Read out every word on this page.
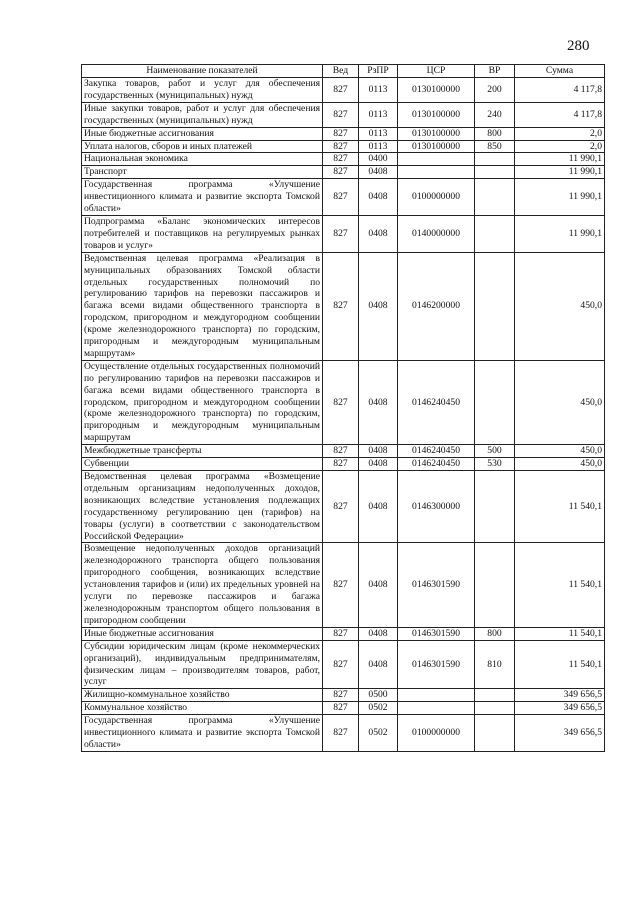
280
Наименование показателей	Вед	РзПР	ЦСР	ВР	Сумма
Закупка товаров, работ и услуг для обеспечения государственных (муниципальных) нужд	827	0113	0130100000	200	4 117,8
Иные закупки товаров, работ и услуг для обеспечения государственных (муниципальных) нужд	827	0113	0130100000	240	4 117,8
Иные бюджетные ассигнования	827	0113	0130100000	800	2,0
Уплата налогов, сборов и иных платежей	827	0113	0130100000	850	2,0
Национальная экономика	827	0400			11 990,1
Транспорт	827	0408			11 990,1
Государственная программа «Улучшение инвестиционного климата и развитие экспорта Томской области»	827	0408	0100000000		11 990,1
Подпрограмма «Баланс экономических интересов потребителей и поставщиков на регулируемых рынках товаров и услуг»	827	0408	0140000000		11 990,1
Ведомственная целевая программа «Реализация в муниципальных образованиях Томской области отдельных государственных полномочий по регулированию тарифов на перевозки пассажиров и багажа всеми видами общественного транспорта в городском, пригородном и междугородном сообщении (кроме железнодорожного транспорта) по городским, пригородным и междугородным муниципальным маршрутам»	827	0408	0146200000		450,0
Осуществление отдельных государственных полномочий по регулированию тарифов на перевозки пассажиров и багажа всеми видами общественного транспорта в городском, пригородном и междугородном сообщении (кроме железнодорожного транспорта) по городским, пригородным и междугородным муниципальным маршрутам	827	0408	0146240450		450,0
Межбюджетные трансферты	827	0408	0146240450	500	450,0
Субвенции	827	0408	0146240450	530	450,0
Ведомственная целевая программа «Возмещение отдельным организациям недополученных доходов, возникающих вследствие установления подлежащих государственному регулированию цен (тарифов) на товары (услуги) в соответствии с законодательством Российской Федерации»	827	0408	0146300000		11 540,1
Возмещение недополученных доходов организаций железнодорожного транспорта общего пользования пригородного сообщения, возникающих вследствие установления тарифов и (или) их предельных уровней на услуги по перевозке пассажиров и багажа железнодорожным транспортом общего пользования в пригородном сообщении	827	0408	0146301590		11 540,1
Иные бюджетные ассигнования	827	0408	0146301590	800	11 540,1
Субсидии юридическим лицам (кроме некоммерческих организаций), индивидуальным предпринимателям, физическим лицам – производителям товаров, работ, услуг	827	0408	0146301590	810	11 540,1
Жилищно-коммунальное хозяйство	827	0500			349 656,5
Коммунальное хозяйство	827	0502			349 656,5
Государственная программа «Улучшение инвестиционного климата и развитие экспорта Томской области»	827	0502	0100000000		349 656,5
